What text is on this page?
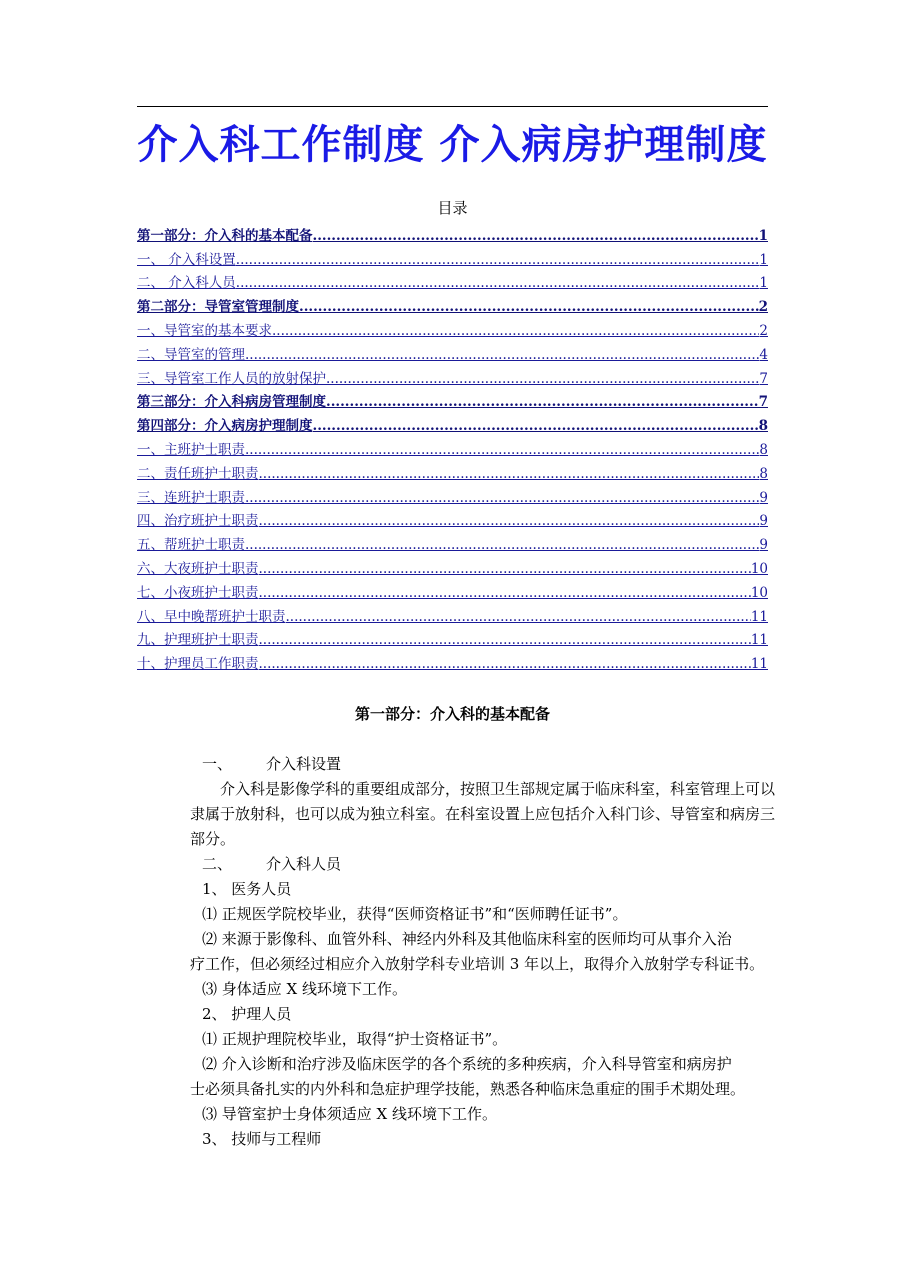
介入科工作制度 介入病房护理制度
目录
第一部分：介入科的基本配备 .....	1
一、 介入科设置 .....	1
二、 介入科人员 .....	1
第二部分：导管室管理制度 .....	2
一、导管室的基本要求 .....	2
二、导管室的管理 .....	4
三、导管室工作人员的放射保护 .....	7
第三部分：介入科病房管理制度 .....	7
第四部分：介入病房护理制度 .....	8
一、主班护士职责 .....	8
二、责任班护士职责 .....	8
三、连班护士职责 .....	9
四、治疗班护士职责 .....	9
五、帮班护士职责 .....	9
六、大夜班护士职责 .....	10
七、小夜班护士职责 .....	10
八、早中晚帮班护士职责 .....	11
九、护理班护士职责 .....	11
十、护理员工作职责 .....	11
第一部分：介入科的基本配备

一、 介入科设置

介入科是影像学科的重要组成部分，按照卫生部规定属于临床科室，科室管理上可以隶属于放射科，也可以成为独立科室。在科室设置上应包括介入科门诊、导管室和病房三部分。

二、 介入科人员

1、 医务人员

⑴ 正规医学院校毕业，获得“医师资格证书”和“医师聘任证书”。

⑵ 来源于影像科、血管外科、神经内外科及其他临床科室的医师均可从事介入治

疗工作，但必须经过相应介入放射学科专业培训 3 年以上，取得介入放射学专科证书。

⑶ 身体适应 X 线环境下工作。

2、 护理人员

⑴ 正规护理院校毕业，取得“护士资格证书”。

⑵ 介入诊断和治疗涉及临床医学的各个系统的多种疾病，介入科导管室和病房护

士必须具备扎实的内外科和急症护理学技能，熟悉各种临床急重症的围手术期处理。

⑶ 导管室护士身体须适应 X 线环境下工作。

3、 技师与工程师
